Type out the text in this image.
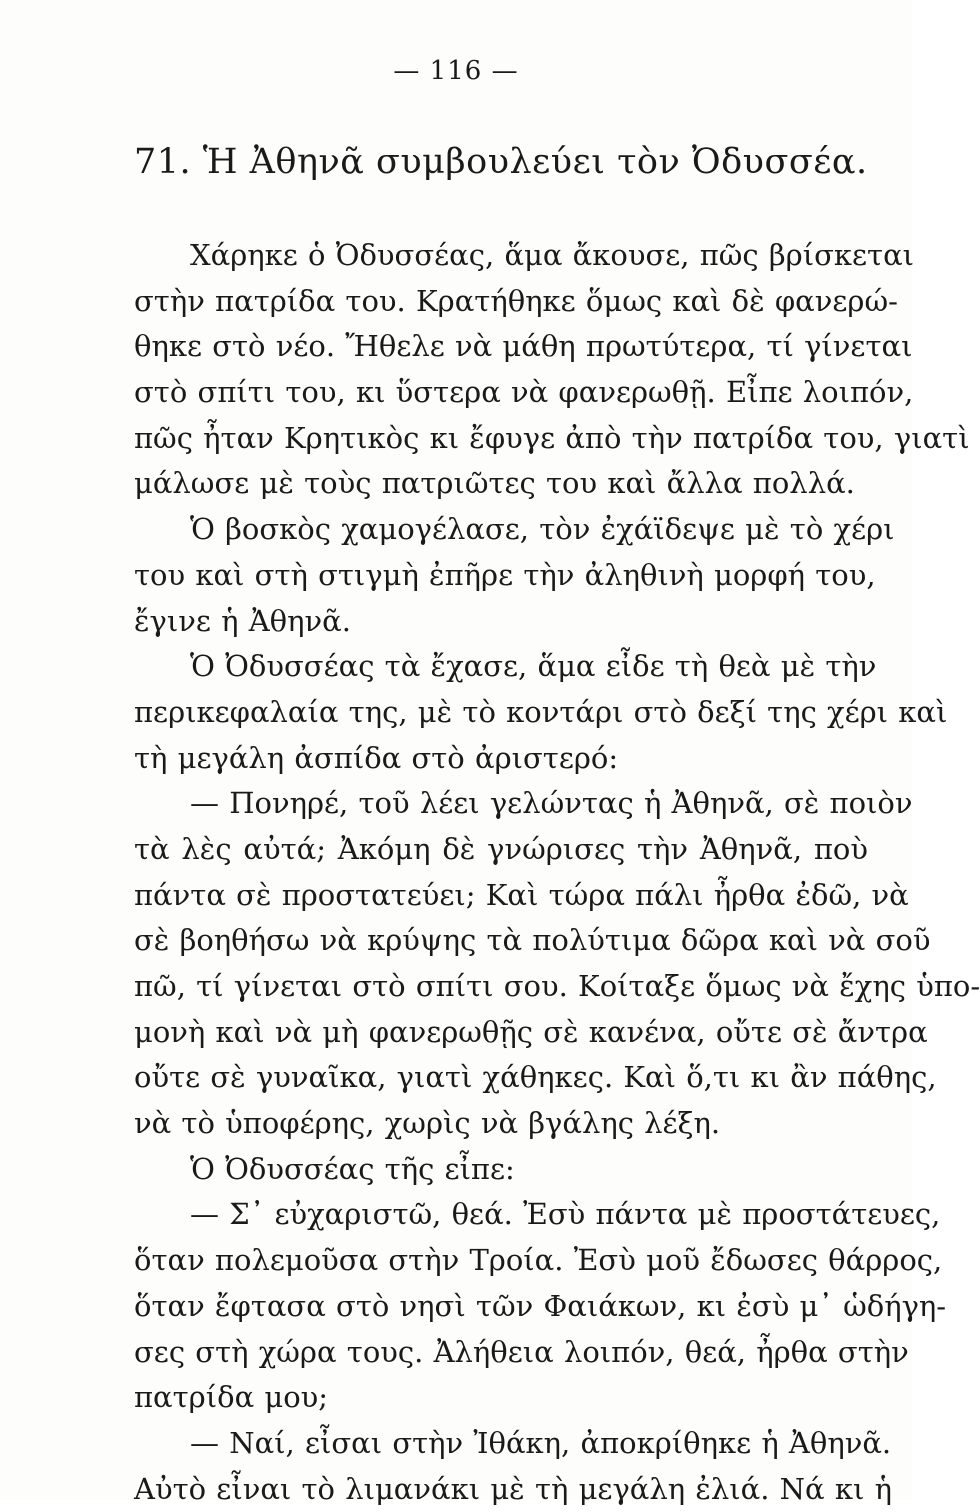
— 116 —
71. Ἡ Ἀθηνᾶ συμβουλεύει τὸν Ὀδυσσέα.
Χάρηκε ὁ Ὀδυσσέας, ἅμα ἄκουσε, πῶς βρίσκεται
στὴν πατρίδα του. Κρατήθηκε ὅμως καὶ δὲ φανερώ-
θηκε στὸ νέο. Ἤθελε νὰ μάθη πρωτύτερα, τί γίνεται
στὸ σπίτι του, κι ὕστερα νὰ φανερωθῇ. Εἶπε λοιπόν,
πῶς ἦταν Κρητικὸς κι ἔφυγε ἀπὸ τὴν πατρίδα του, γιατὶ
μάλωσε μὲ τοὺς πατριῶτες του καὶ ἄλλα πολλά.
Ὁ βοσκὸς χαμογέλασε, τὸν ἐχάϊδεψε μὲ τὸ χέρι
του καὶ στὴ στιγμὴ ἐπῆρε τὴν ἀληθινὴ μορφή του,
ἔγινε ἡ Ἀθηνᾶ.
Ὁ Ὀδυσσέας τὰ ἔχασε, ἅμα εἶδε τὴ θεὰ μὲ τὴν
περικεφαλαία της, μὲ τὸ κοντάρι στὸ δεξί της χέρι καὶ
τὴ μεγάλη ἀσπίδα στὸ ἀριστερό:
— Πονηρέ, τοῦ λέει γελώντας ἡ Ἀθηνᾶ, σὲ ποιὸν
τὰ λὲς αὐτά; Ἀκόμη δὲ γνώρισες τὴν Ἀθηνᾶ, ποὺ
πάντα σὲ προστατεύει; Καὶ τώρα πάλι ἦρθα ἐδῶ, νὰ
σὲ βοηθήσω νὰ κρύψης τὰ πολύτιμα δῶρα καὶ νὰ σοῦ
πῶ, τί γίνεται στὸ σπίτι σου. Κοίταξε ὅμως νὰ ἔχης ὑπο-
μονὴ καὶ νὰ μὴ φανερωθῇς σὲ κανένα, οὔτε σὲ ἄντρα
οὔτε σὲ γυναῖκα, γιατὶ χάθηκες. Καὶ ὅ,τι κι ἂν πάθης,
νὰ τὸ ὑποφέρης, χωρὶς νὰ βγάλης λέξη.
Ὁ Ὀδυσσέας τῆς εἶπε:
— Σ᾽ εὐχαριστῶ, θεά. Ἐσὺ πάντα μὲ προστάτευες,
ὅταν πολεμοῦσα στὴν Τροία. Ἐσὺ μοῦ ἔδωσες θάρρος,
ὅταν ἔφτασα στὸ νησὶ τῶν Φαιάκων, κι ἐσὺ μ᾽ ὡδήγη-
σες στὴ χώρα τους. Ἀλήθεια λοιπόν, θεά, ἦρθα στὴν
πατρίδα μου;
— Ναί, εἶσαι στὴν Ἰθάκη, ἀποκρίθηκε ἡ Ἀθηνᾶ.
Αὐτὸ εἶναι τὸ λιμανάκι μὲ τὴ μεγάλη ἐλιά. Νά κι ἡ
